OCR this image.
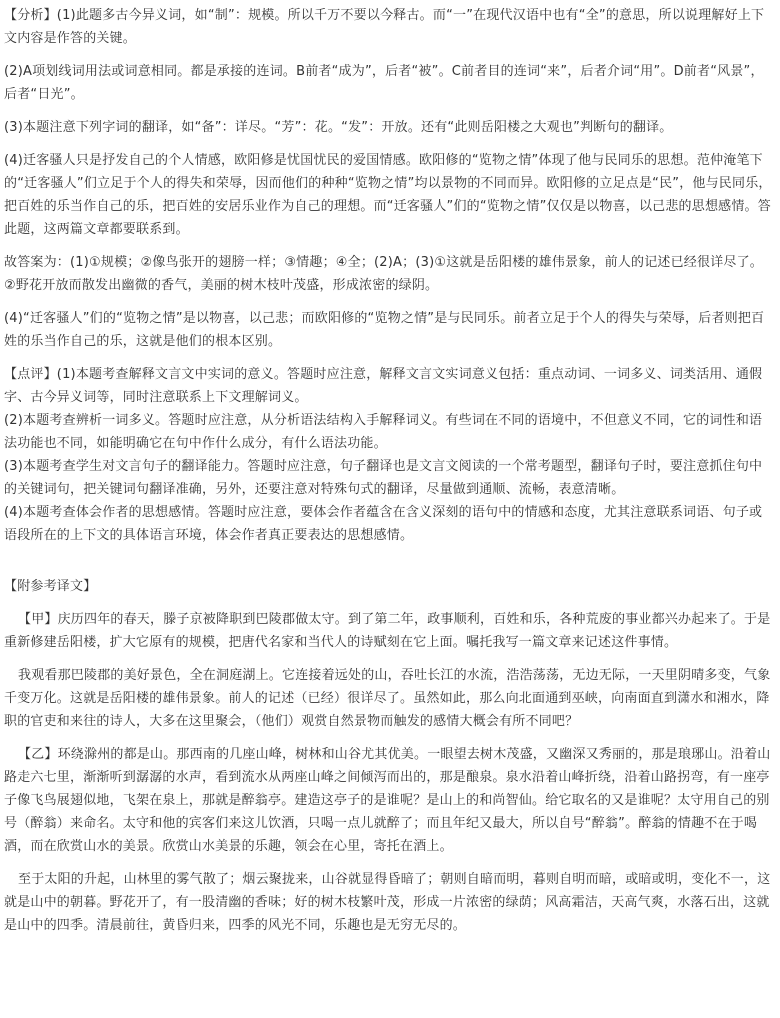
【分析】(1)此题多古今异义词，如“制”：规模。所以千万不要以今释古。而“一”在现代汉语中也有“全”的意思，所以说理解好上下文内容是作答的关键。

(2)A项划线词用法或词意相同。都是承接的连词。B前者“成为”，后者“被”。C前者目的连词“来”，后者介词“用”。D前者“风景”，后者“日光”。

(3)本题注意下列字词的翻译，如“备”：详尽。“芳”：花。“发”：开放。还有“此则岳阳楼之大观也”判断句的翻译。

(4)迁客骚人只是抒发自己的个人情感，欧阳修是忧国忧民的爱国情感。欧阳修的“览物之情”体现了他与民同乐的思想。范仲淹笔下的“迁客骚人”们立足于个人的得失和荣辱，因而他们的种种“览物之情”均以景物的不同而异。欧阳修的立足点是“民”，他与民同乐，把百姓的乐当作自己的乐，把百姓的安居乐业作为自己的理想。而“迁客骚人”们的“览物之情”仅仅是以物喜，以己悲的思想感情。答此题，这两篇文章都要联系到。

故答案为：(1)①规模；②像鸟张开的翅膀一样；③情趣；④全；(2)A；(3)①这就是岳阳楼的雄伟景象，前人的记述已经很详尽了。②野花开放而散发出幽微的香气，美丽的树木枝叶茂盛，形成浓密的绿阴。

(4)“迁客骚人”们的“览物之情”是以物喜，以己悲；而欧阳修的“览物之情”是与民同乐。前者立足于个人的得失与荣辱，后者则把百姓的乐当作自己的乐，这就是他们的根本区别。

【点评】(1)本题考查解释文言文中实词的意义。答题时应注意，解释文言文实词意义包括：重点动词、一词多义、词类活用、通假字、古今异义词等，同时注意联系上下文理解词义。

(2)本题考查辨析一词多义。答题时应注意，从分析语法结构入手解释词义。有些词在不同的语境中，不但意义不同，它的词性和语法功能也不同，如能明确它在句中作什么成分，有什么语法功能。

(3)本题考查学生对文言句子的翻译能力。答题时应注意，句子翻译也是文言文阅读的一个常考题型，翻译句子时，要注意抓住句中的关键词句，把关键词句翻译准确，另外，还要注意对特殊句式的翻译，尽量做到通顺、流畅，表意清晰。

(4)本题考查体会作者的思想感情。答题时应注意，要体会作者蕴含在含义深刻的语句中的情感和态度，尤其注意联系词语、句子或语段所在的上下文的具体语言环境，体会作者真正要表达的思想感情。

【附参考译文】

【甲】庆历四年的春天，滕子京被降职到巴陵郡做太守。到了第二年，政事顺利，百姓和乐，各种荒废的事业都兴办起来了。于是重新修建岳阳楼，扩大它原有的规模，把唐代名家和当代人的诗赋刻在它上面。嘱托我写一篇文章来记述这件事情。

我观看那巴陵郡的美好景色，全在洞庭湖上。它连接着远处的山，吞吐长江的水流，浩浩荡荡，无边无际，一天里阴晴多变，气象千变万化。这就是岳阳楼的雄伟景象。前人的记述（已经）很详尽了。虽然如此，那么向北面通到巫峡，向南面直到潇水和湘水，降职的官吏和来往的诗人，大多在这里聚会，（他们）观赏自然景物而触发的感情大概会有所不同吧？

【乙】环绕滁州的都是山。那西南的几座山峰，树林和山谷尤其优美。一眼望去树木茂盛，又幽深又秀丽的，那是琅琊山。沿着山路走六七里，渐渐听到潺潺的水声，看到流水从两座山峰之间倾泻而出的，那是酿泉。泉水沿着山峰折绕，沿着山路拐弯，有一座亭子像飞鸟展翅似地，飞架在泉上，那就是醉翁亭。建造这亭子的是谁呢？是山上的和尚智仙。给它取名的又是谁呢？太守用自己的别号（醉翁）来命名。太守和他的宾客们来这儿饮酒，只喝一点儿就醉了；而且年纪又最大，所以自号“醉翁”。醉翁的情趣不在于喝酒，而在欣赏山水的美景。欣赏山水美景的乐趣，领会在心里，寄托在酒上。

至于太阳的升起，山林里的雾气散了；烟云聚拢来，山谷就显得昏暗了；朝则自暗而明，暮则自明而暗，或暗或明，变化不一，这就是山中的朝暮。野花开了，有一股清幽的香味；好的树木枝繁叶茂，形成一片浓密的绿荫；风高霜洁，天高气爽，水落石出，这就是山中的四季。清晨前往，黄昏归来，四季的风光不同，乐趣也是无穷无尽的。
